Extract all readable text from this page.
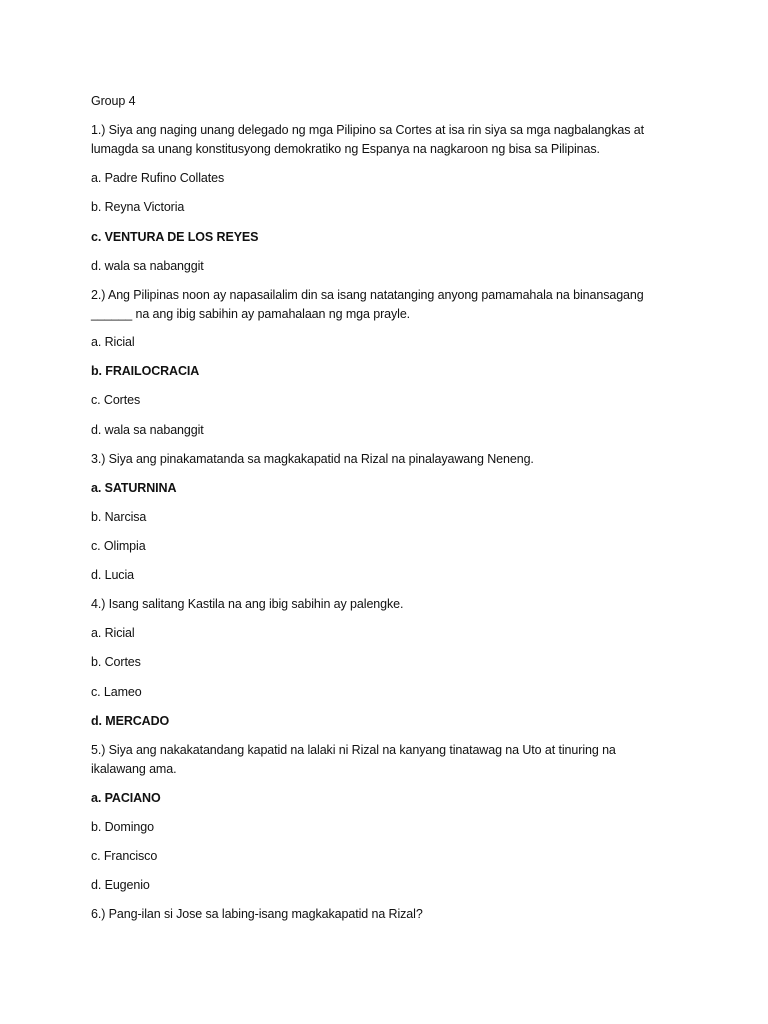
Group 4
1.) Siya ang naging unang delegado ng mga Pilipino sa Cortes at isa rin siya sa mga nagbalangkas at
lumagda sa unang konstitusyong demokratiko ng Espanya na nagkaroon ng bisa sa Pilipinas.
a. Padre Rufino Collates
b. Reyna Victoria
c. VENTURA DE LOS REYES
d. wala sa nabanggit
2.) Ang Pilipinas noon ay napasailalim din sa isang natatanging anyong pamamahala na binansagang
______ na ang ibig sabihin ay pamahalaan ng mga prayle.
a. Ricial
b. FRAILOCRACIA
c. Cortes
d. wala sa nabanggit
3.) Siya ang pinakamatanda sa magkakapatid na Rizal na pinalayawang Neneng.
a. SATURNINA
b. Narcisa
c. Olimpia
d. Lucia
4.) Isang salitang Kastila na ang ibig sabihin ay palengke.
a. Ricial
b. Cortes
c. Lameo
d. MERCADO
5.) Siya ang nakakatandang kapatid na lalaki ni Rizal na kanyang tinatawag na Uto at tinuring na
ikalawang ama.
a. PACIANO
b. Domingo
c. Francisco
d. Eugenio
6.) Pang-ilan si Jose sa labing-isang magkakapatid na Rizal?
